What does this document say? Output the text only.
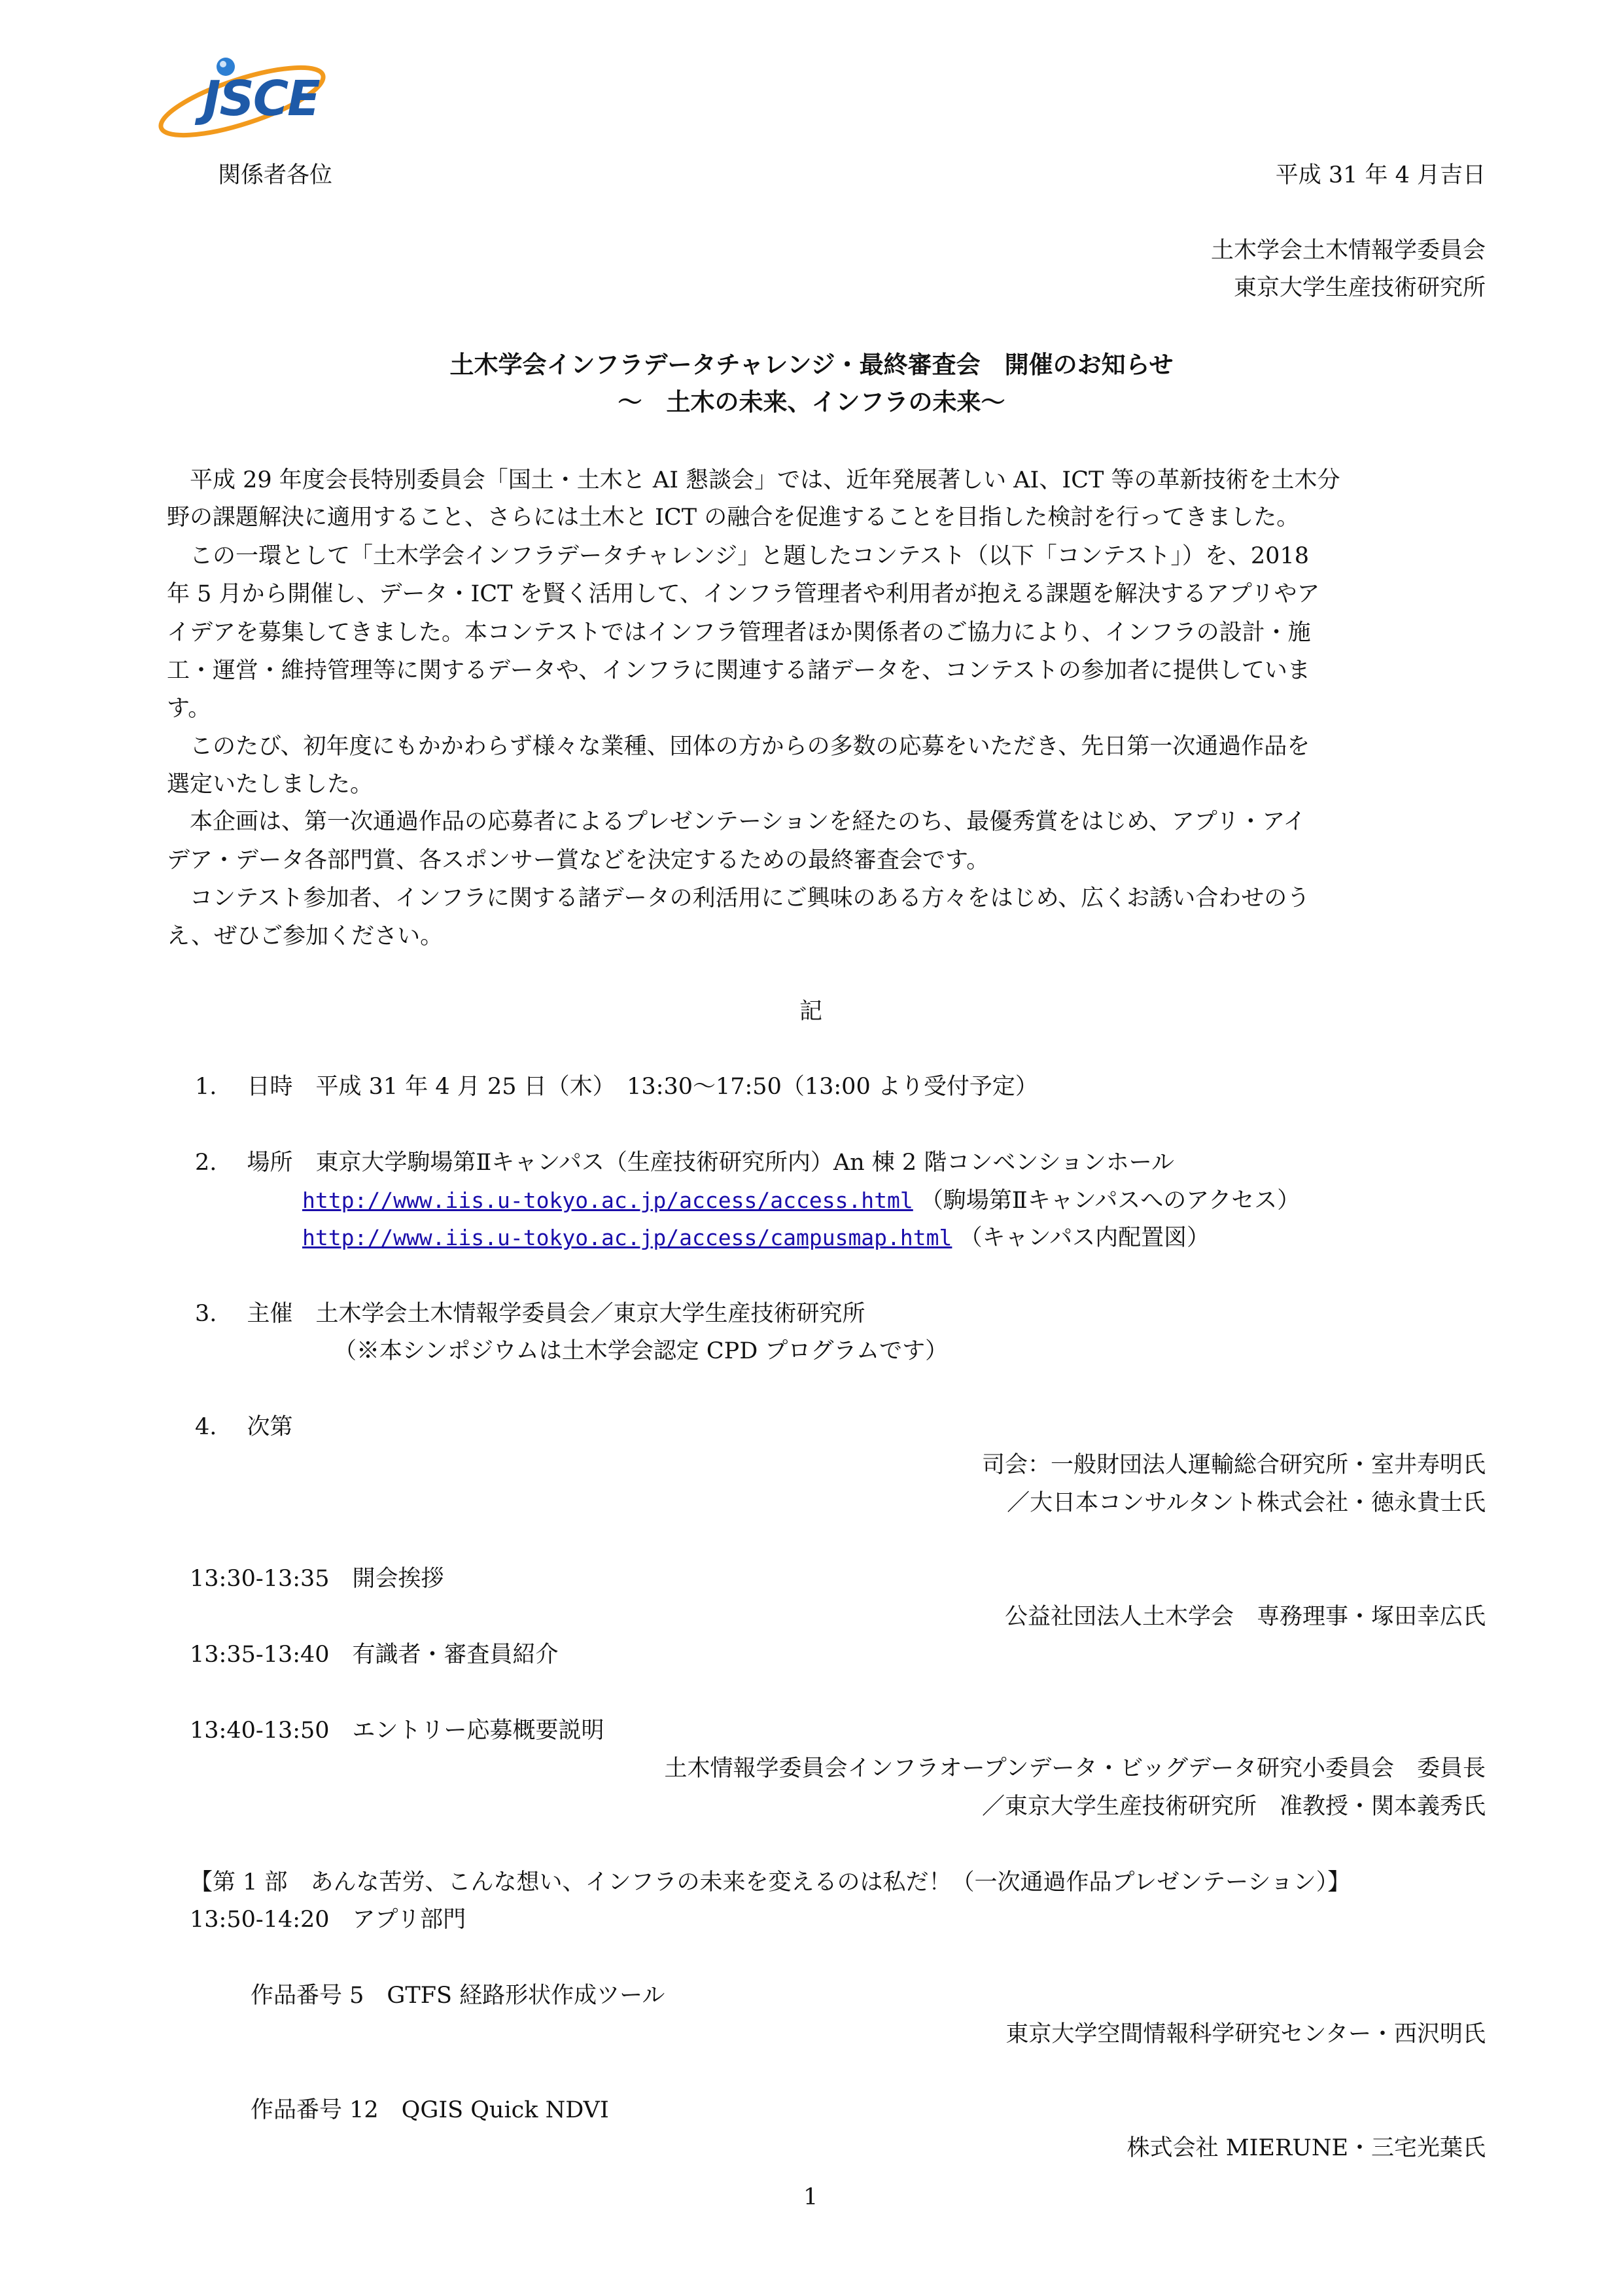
JSCE
関係者各位	平成 31 年 4 月吉日
土木学会土木情報学委員会
東京大学生産技術研究所
土木学会インフラデータチャレンジ・最終審査会　開催のお知らせ
～　土木の未来、インフラの未来～
　平成 29 年度会長特別委員会「国土・土木と AI 懇談会」では、近年発展著しい AI、ICT 等の革新技術を土木分
野の課題解決に適用すること、さらには土木と ICT の融合を促進することを目指した検討を行ってきました。
　この一環として「土木学会インフラデータチャレンジ」と題したコンテスト（以下「コンテスト」）を、2018
年 5 月から開催し、データ・ICT を賢く活用して、インフラ管理者や利用者が抱える課題を解決するアプリやア
イデアを募集してきました。本コンテストではインフラ管理者ほか関係者のご協力により、インフラの設計・施
工・運営・維持管理等に関するデータや、インフラに関連する諸データを、コンテストの参加者に提供していま
す。
　このたび、初年度にもかかわらず様々な業種、団体の方からの多数の応募をいただき、先日第一次通過作品を
選定いたしました。
　本企画は、第一次通過作品の応募者によるプレゼンテーションを経たのち、最優秀賞をはじめ、アプリ・アイ
デア・データ各部門賞、各スポンサー賞などを決定するための最終審査会です。
　コンテスト参加者、インフラに関する諸データの利活用にご興味のある方々をはじめ、広くお誘い合わせのう
え、ぜひご参加ください。
記
1.　 日時　平成 31 年 4 月 25 日（木）　13:30～17:50（13:00 より受付予定）
2.　 場所　東京大学駒場第Ⅱキャンパス（生産技術研究所内）An 棟 2 階コンベンションホール
http://www.iis.u-tokyo.ac.jp/access/access.html （駒場第Ⅱキャンパスへのアクセス）
http://www.iis.u-tokyo.ac.jp/access/campusmap.html （キャンパス内配置図）
3.　 主催　土木学会土木情報学委員会／東京大学生産技術研究所
（※本シンポジウムは土木学会認定 CPD プログラムです）
4.　 次第
司会：一般財団法人運輸総合研究所・室井寿明氏
／大日本コンサルタント株式会社・徳永貴士氏
13:30-13:35　開会挨拶
公益社団法人土木学会　専務理事・塚田幸広氏
13:35-13:40　有識者・審査員紹介
13:40-13:50　エントリー応募概要説明
土木情報学委員会インフラオープンデータ・ビッグデータ研究小委員会　委員長
／東京大学生産技術研究所　准教授・関本義秀氏
【第 1 部　あんな苦労、こんな想い、インフラの未来を変えるのは私だ！（一次通過作品プレゼンテーション）】
13:50-14:20　アプリ部門
作品番号 5　GTFS 経路形状作成ツール
東京大学空間情報科学研究センター・西沢明氏
作品番号 12　QGIS Quick NDVI
株式会社 MIERUNE・三宅光葉氏
1
